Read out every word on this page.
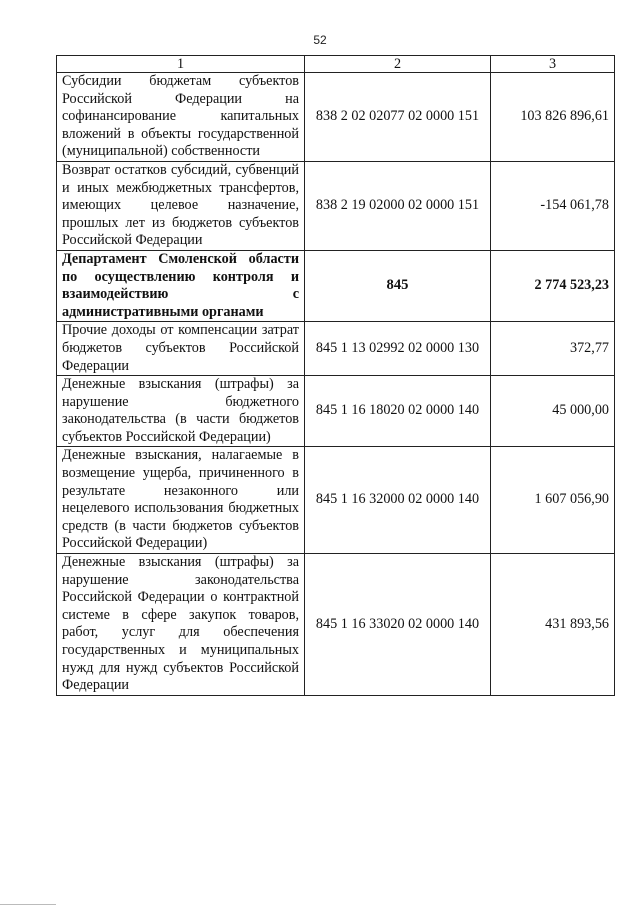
52
1	2	3
Субсидии бюджетам субъектов Российской Федерации на софинансирование капитальных вложений в объекты государственной (муниципальной) собственности	838 2 02 02077 02 0000 151	103 826 896,61
Возврат остатков субсидий, субвенций и иных межбюджетных трансфертов, имеющих целевое назначение, прошлых лет из бюджетов субъектов Российской Федерации	838 2 19 02000 02 0000 151	-154 061,78
Департамент Смоленской области по осуществлению контроля и взаимодействию с административными органами	845	2 774 523,23
Прочие доходы от компенсации затрат бюджетов субъектов Российской Федерации	845 1 13 02992 02 0000 130	372,77
Денежные взыскания (штрафы) за нарушение бюджетного законодательства (в части бюджетов субъектов Российской Федерации)	845 1 16 18020 02 0000 140	45 000,00
Денежные взыскания, налагаемые в возмещение ущерба, причиненного в результате незаконного или нецелевого использования бюджетных средств (в части бюджетов субъектов Российской Федерации)	845 1 16 32000 02 0000 140	1 607 056,90
Денежные взыскания (штрафы) за нарушение законодательства Российской Федерации о контрактной системе в сфере закупок товаров, работ, услуг для обеспечения государственных и муниципальных нужд для нужд субъектов Российской Федерации	845 1 16 33020 02 0000 140	431 893,56
